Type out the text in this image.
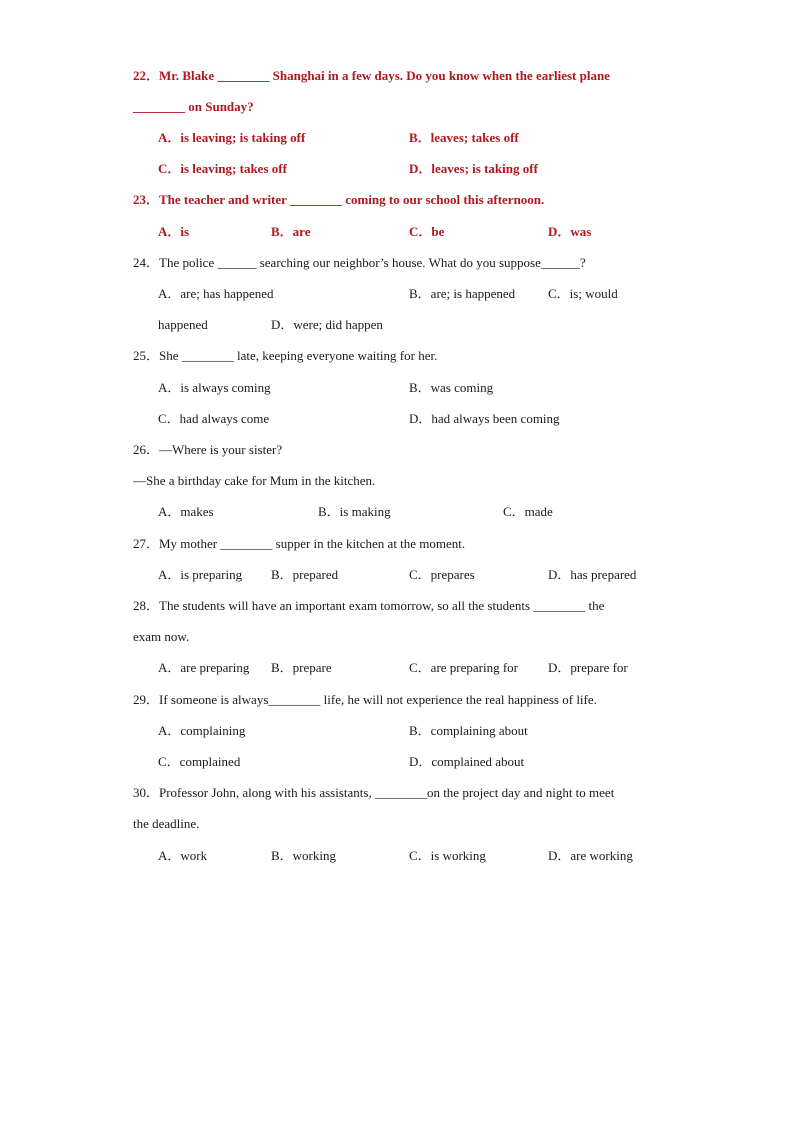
22．Mr. Blake ________ Shanghai in a few days. Do you know when the earliest plane
________ on Sunday?
A．is leaving; is taking off	B．leaves; takes off
C．is leaving; takes off	D．leaves; is taking off
23．The teacher and writer ________ coming to our school this afternoon.
A．is	B．are	C．be	D．was
24．The police ______ searching our neighbor’s house. What do you suppose______?
A．are; has happened	B．are; is happened	C．is; would
happened	D．were; did happen
25．She ________ late, keeping everyone waiting for her.
A．is always coming	B．was coming
C．had always come	D．had always been coming
26．—Where is your sister?
—She a birthday cake for Mum in the kitchen.
A．makes	B．is making	C．made
27．My mother ________ supper in the kitchen at the moment.
A．is preparing B．prepared	C．prepares	D．has prepared
28．The students will have an important exam tomorrow, so all the students ________ the
exam now.
A．are preparing B．prepare	C．are preparing for D．prepare for
29．If someone is always________ life, he will not experience the real happiness of life.
A．complaining	B．complaining about
C．complained	D．complained about
30．Professor John, along with his assistants, ________on the project day and night to meet
the deadline.
A．work	B．working	C．is working	D．are working
